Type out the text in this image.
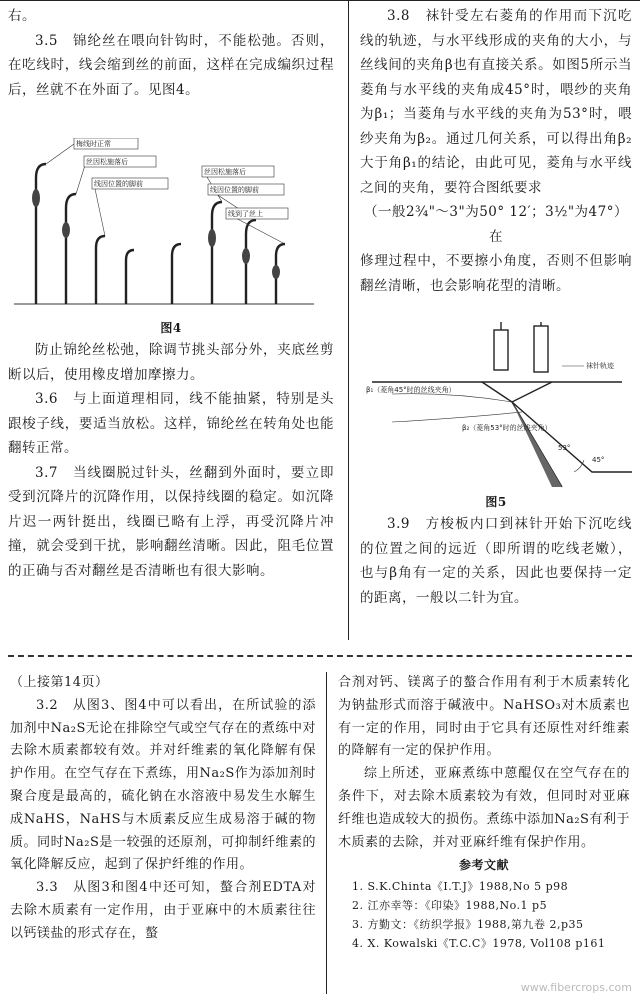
右。

3.5　锦纶丝在喂向针钩时，不能松弛。否则，在吃线时，线会缩到丝的前面，这样在完成编织过程后，丝就不在外面了。见图4。

梅线时正常
丝因松施落后
线因位置的脚前
丝因松施落后
线因位置的脚前
线到了丝上

图4

防止锦纶丝松弛，除调节挑头部分外，夹底丝剪断以后，使用橡皮增加摩擦力。

3.6　与上面道理相同，线不能抽紧，特别是头跟梭子线，要适当放松。这样，锦纶丝在转角处也能翻转正常。

3.7　当线圈脱过针头，丝翻到外面时，要立即受到沉降片的沉降作用，以保持线圈的稳定。如沉降片迟一两针挺出，线圈已略有上浮，再受沉降片冲撞，就会受到干扰，影响翻丝清晰。因此，阻毛位置的正确与否对翻丝是否清晰也有很大影响。

3.8　袜针受左右菱角的作用而下沉吃线的轨迹，与水平线形成的夹角的大小，与丝线间的夹角β也有直接关系。如图5所示当菱角与水平线的夹角成45°时，喂纱的夹角为β₁；当菱角与水平线的夹角为53°时，喂纱夹角为β₂。通过几何关系，可以得出角β₂大于角β₁的结论，由此可见，菱角与水平线之间的夹角，要符合图纸要求

（一般2¾"～3"为50° 12′；3½"为47°）在

修理过程中，不要擦小角度，否则不但影响翻丝清晰，也会影响花型的清晰。

β₁（菱角45°时的丝线夹角）
β₂（菱角53°时的丝线夹角）
袜针轨迹
45°
53°

图5

3.9　方梭板内口到袜针开始下沉吃线的位置之间的远近（即所谓的吃线老嫩），也与β角有一定的关系，因此也要保持一定的距离，一般以二针为宜。

（上接第14页）

3.2　从图3、图4中可以看出，在所试验的添加剂中Na₂S无论在排除空气或空气存在的煮练中对去除木质素都较有效。并对纤维素的氧化降解有保护作用。在空气存在下煮练，用Na₂S作为添加剂时聚合度是最高的，硫化钠在水溶液中易发生水解生成NaHS，NaHS与木质素反应生成易溶于碱的物质。同时Na₂S是一较强的还原剂，可抑制纤维素的氧化降解反应，起到了保护纤维的作用。

3.3　从图3和图4中还可知，螯合剂EDTA对去除木质素有一定作用，由于亚麻中的木质素往往以钙镁盐的形式存在，螯

合剂对钙、镁离子的螯合作用有利于木质素转化为钠盐形式而溶于碱液中。NaHSO₃对木质素也有一定的作用，同时由于它具有还原性对纤维素的降解有一定的保护作用。

综上所述，亚麻煮练中蒽醌仅在空气存在的条件下，对去除木质素较为有效，但同时对亚麻纤维也造成较大的损伤。煮练中添加Na₂S有利于木质素的去除，并对亚麻纤维有保护作用。

参考文献

1. S.K.Chinta《I.T.J》1988,No 5 p98
2. 江亦幸等：《印染》1988,No.1 p5
3. 方勤文：《纺织学报》1988,第九卷 2,p35
4. X. Kowalski《T.C.C》1978, Vol108 p161
www.fibercrops.com
